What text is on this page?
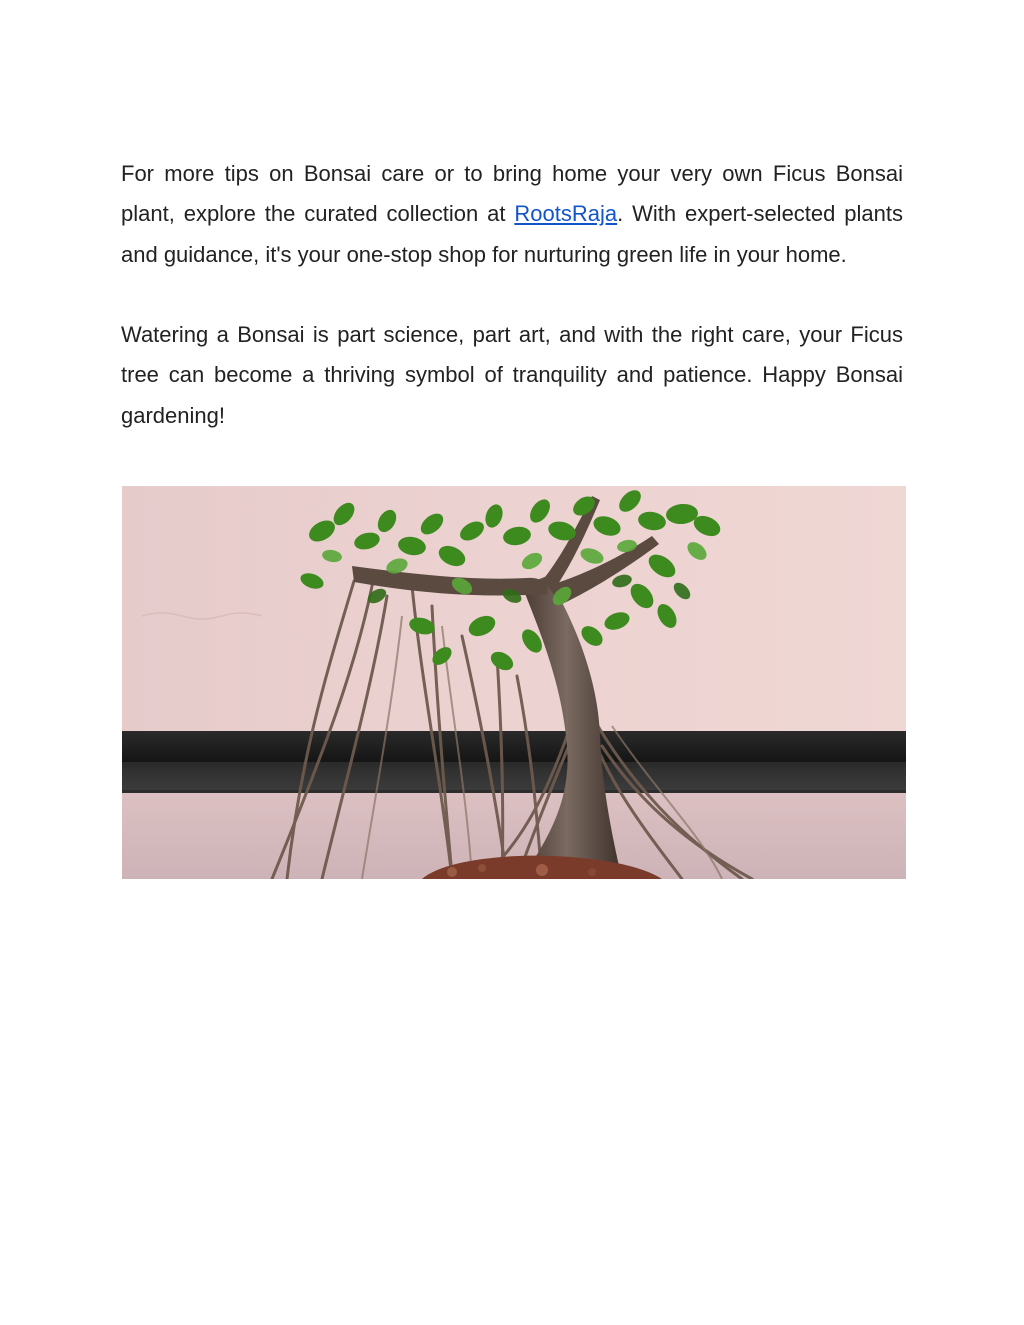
For more tips on Bonsai care or to bring home your very own Ficus Bonsai plant, explore the curated collection at RootsRaja. With expert-selected plants and guidance, it's your one-stop shop for nurturing green life in your home.

Watering a Bonsai is part science, part art, and with the right care, your Ficus tree can become a thriving symbol of tranquility and patience. Happy Bonsai gardening!
